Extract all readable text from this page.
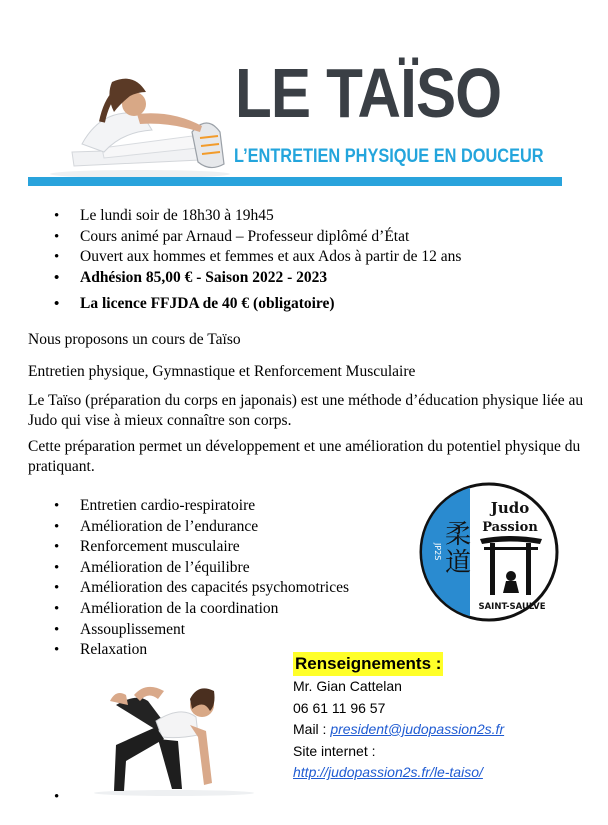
LE TAÏSO
L’ENTRETIEN PHYSIQUE EN DOUCEUR
• Le lundi soir de 18h30 à 19h45
• Cours animé par Arnaud – Professeur diplômé d’État
• Ouvert aux hommes et femmes et aux Ados à partir de 12 ans
• Adhésion 85,00 € - Saison 2022 - 2023
• La licence FFJDA de 40 € (obligatoire)

Nous proposons un cours de Taïso

Entretien physique, Gymnastique et Renforcement Musculaire

Le Taïso (préparation du corps en japonais) est une méthode d’éducation physique liée au Judo qui vise à mieux connaître son corps.

Cette préparation permet un développement et une amélioration du potentiel physique du pratiquant.

• Entretien cardio-respiratoire
• Amélioration de l’endurance
• Renforcement musculaire
• Amélioration de l’équilibre
• Amélioration des capacités psychomotrices
• Amélioration de la coordination
• Assouplissement
• Relaxation
柔
道
JP2S
Judo
Passion
SAINT-SAULVE
Renseignements :
Mr. Gian Cattelan
06 61 11 96 57
Mail : president@judopassion2s.fr
Site internet :
http://judopassion2s.fr/le-taiso/
•
